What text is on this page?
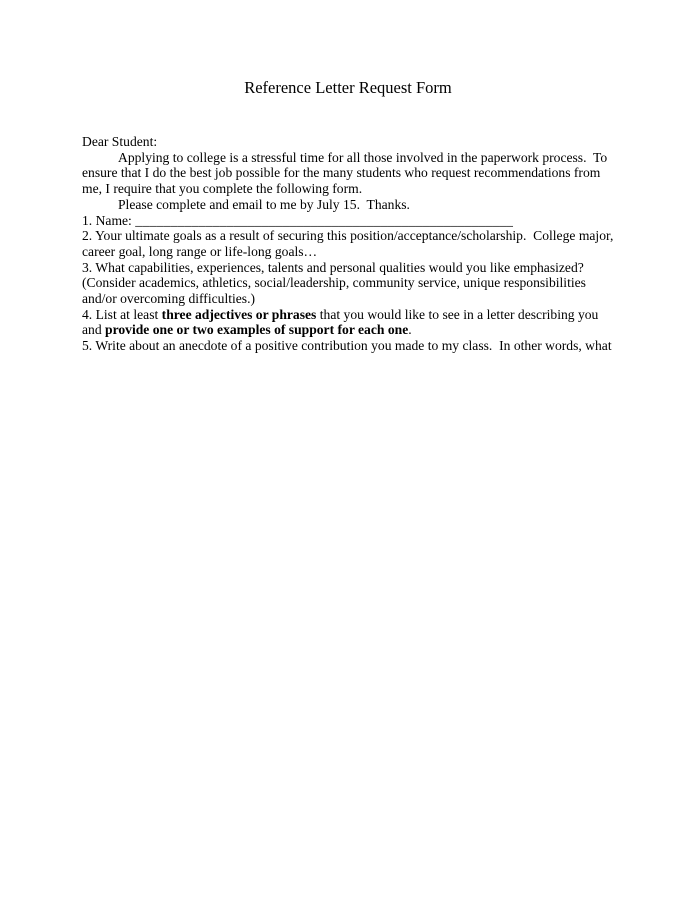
Reference Letter Request Form

Dear Student:

Applying to college is a stressful time for all those involved in the paperwork process.  To ensure that I do the best job possible for the many students who request recommendations from me, I require that you complete the following form.

Please complete and email to me by July 15.  Thanks.

1. Name: ______________________________________________________

2. Your ultimate goals as a result of securing this position/acceptance/scholarship.  College major, career goal, long range or life-long goals…

3. What capabilities, experiences, talents and personal qualities would you like emphasized? (Consider academics, athletics, social/leadership, community service, unique responsibilities and/or overcoming difficulties.)

4. List at least three adjectives or phrases that you would like to see in a letter describing you and provide one or two examples of support for each one.

5. Write about an anecdote of a positive contribution you made to my class.  In other words, what
